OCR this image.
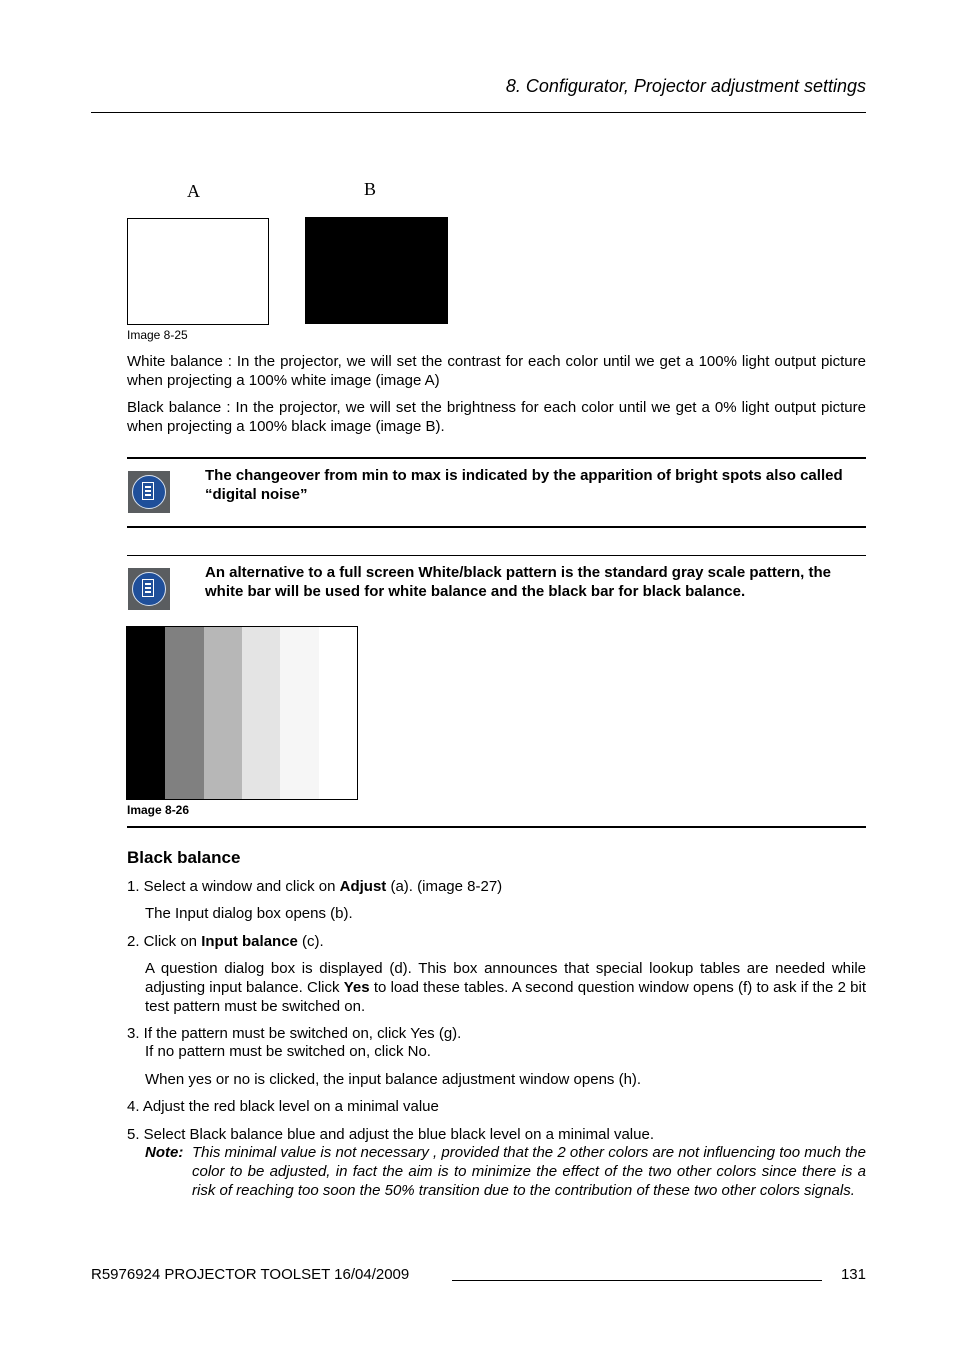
8. Configurator, Projector adjustment settings
A	B
Image 8-25
White balance : In the projector, we will set the contrast for each color until we get a 100% light output picture when projecting a 100% white image (image A)
Black balance : In the projector, we will set the brightness for each color until we get a 0% light output picture when projecting a 100% black image (image B).
The changeover from min to max is indicated by the apparition of bright spots also called “digital noise”
An alternative to a full screen White/black pattern is the standard gray scale pattern, the white bar will be used for white balance and the black bar for black balance.
Image 8-26
Black balance
1. Select a window and click on Adjust (a). (image 8-27)
The Input dialog box opens (b).
2. Click on Input balance (c).
A question dialog box is displayed (d). This box announces that special lookup tables are needed while adjusting input balance. Click Yes to load these tables. A second question window opens (f) to ask if the 2 bit test pattern must be switched on.
3. If the pattern must be switched on, click Yes (g).
If no pattern must be switched on, click No.
When yes or no is clicked, the input balance adjustment window opens (h).
4. Adjust the red black level on a minimal value
5. Select Black balance blue and adjust the blue black level on a minimal value.
Note: This minimal value is not necessary , provided that the 2 other colors are not influencing too much the color to be adjusted, in fact the aim is to minimize the effect of the two other colors since there is a risk of reaching too soon the 50% transition due to the contribution of these two other colors signals.
R5976924 PROJECTOR TOOLSET 16/04/2009	131
